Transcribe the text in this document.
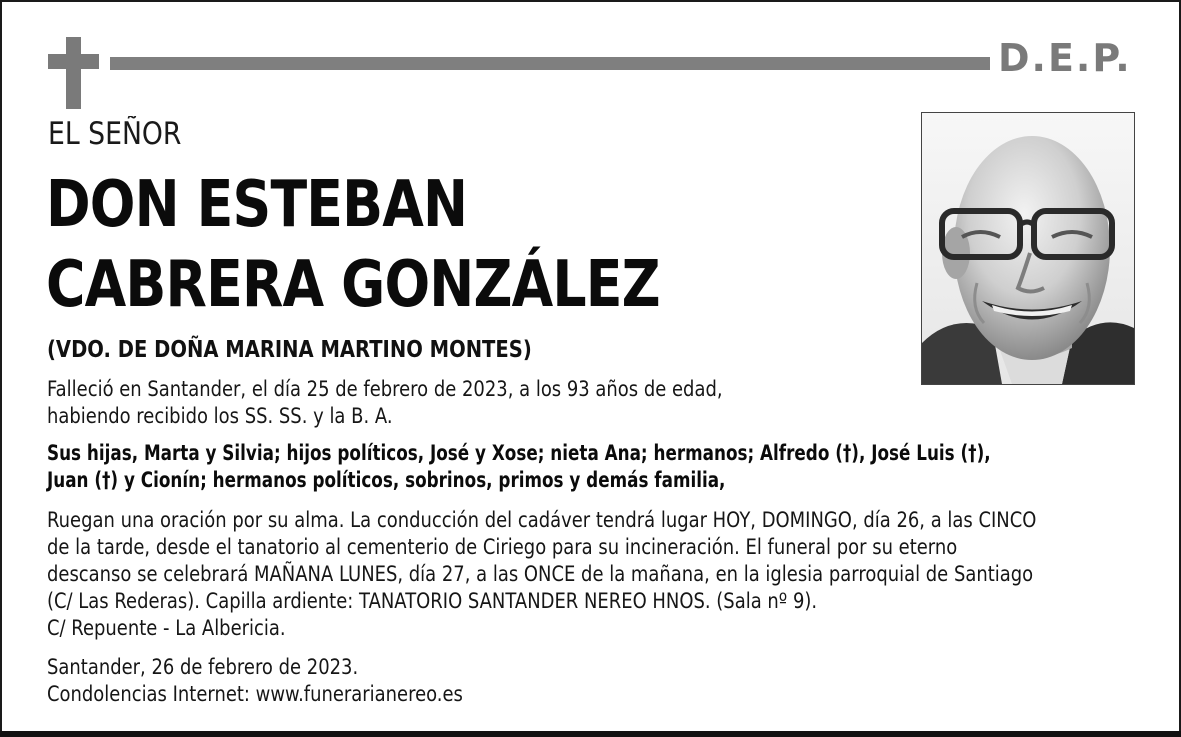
D.E.P.
EL SEÑOR
DON ESTEBAN
CABRERA GONZÁLEZ
(VDO. DE DOÑA MARINA MARTINO MONTES)
Falleció en Santander, el día 25 de febrero de 2023, a los 93 años de edad,
habiendo recibido los SS. SS. y la B. A.
Sus hijas, Marta y Silvia; hijos políticos, José y Xose; nieta Ana; hermanos; Alfredo (†), José Luis (†),
Juan (†) y Cionín; hermanos políticos, sobrinos, primos y demás familia,
Ruegan una oración por su alma. La conducción del cadáver tendrá lugar HOY, DOMINGO, día 26, a las CINCO
de la tarde, desde el tanatorio al cementerio de Ciriego para su incineración. El funeral por su eterno
descanso se celebrará MAÑANA LUNES, día 27, a las ONCE de la mañana, en la iglesia parroquial de Santiago
(C/ Las Rederas). Capilla ardiente: TANATORIO SANTANDER NEREO HNOS. (Sala nº 9).
C/ Repuente - La Albericia.
Santander, 26 de febrero de 2023.
Condolencias Internet: www.funerarianereo.es
